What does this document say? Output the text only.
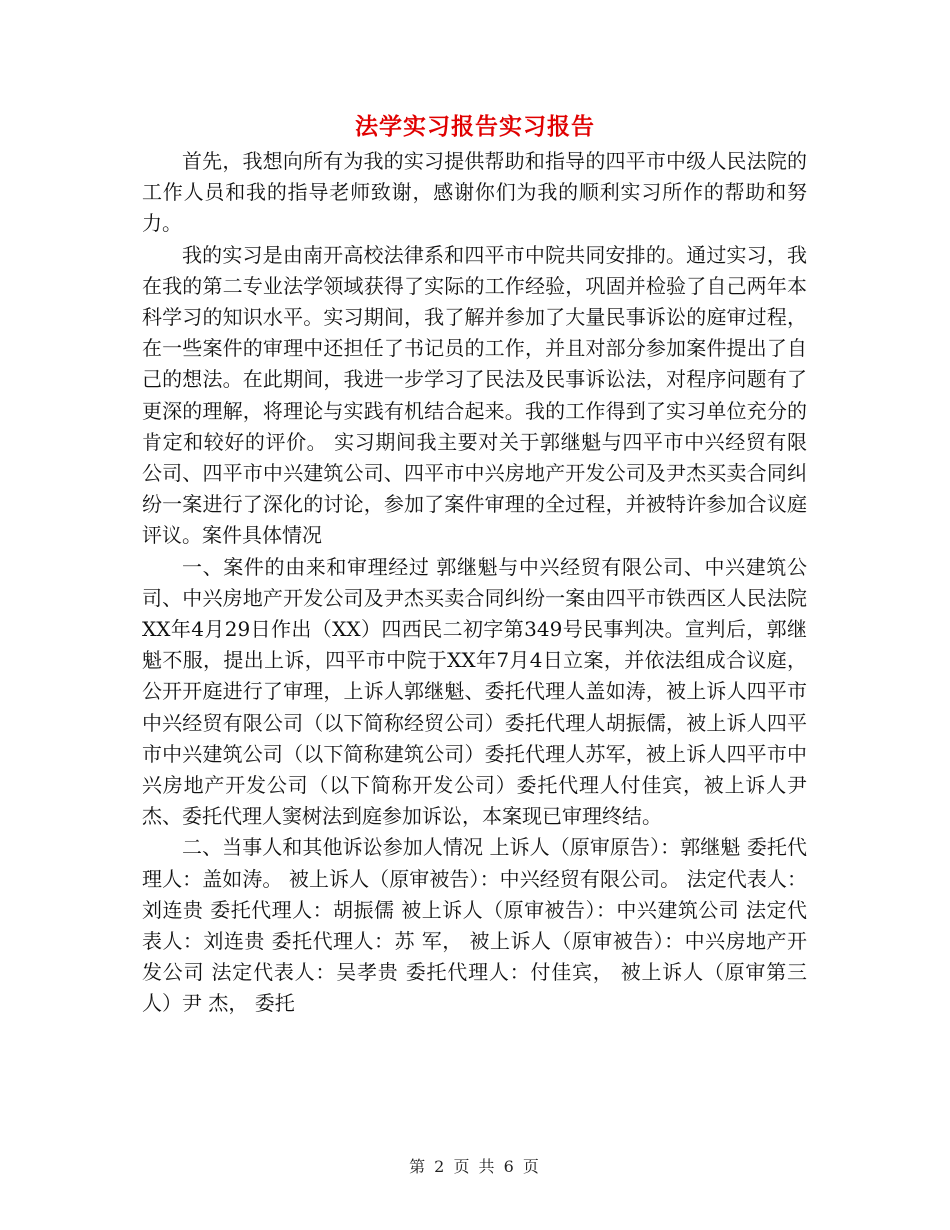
法学实习报告实习报告

首先，我想向所有为我的实习提供帮助和指导的四平市中级人民法院的工作人员和我的指导老师致谢，感谢你们为我的顺利实习所作的帮助和努力。

我的实习是由南开高校法律系和四平市中院共同安排的。通过实习，我在我的第二专业法学领域获得了实际的工作经验，巩固并检验了自己两年本科学习的知识水平。实习期间，我了解并参加了大量民事诉讼的庭审过程，在一些案件的审理中还担任了书记员的工作，并且对部分参加案件提出了自己的想法。在此期间，我进一步学习了民法及民事诉讼法，对程序问题有了更深的理解，将理论与实践有机结合起来。我的工作得到了实习单位充分的肯定和较好的评价。 实习期间我主要对关于郭继魁与四平市中兴经贸有限公司、四平市中兴建筑公司、四平市中兴房地产开发公司及尹杰买卖合同纠纷一案进行了深化的讨论，参加了案件审理的全过程，并被特许参加合议庭评议。案件具体情况

一、案件的由来和审理经过 郭继魁与中兴经贸有限公司、中兴建筑公司、中兴房地产开发公司及尹杰买卖合同纠纷一案由四平市铁西区人民法院XX年4月29日作出（XX）四西民二初字第349号民事判决。宣判后，郭继魁不服，提出上诉，四平市中院于XX年7月4日立案，并依法组成合议庭，公开开庭进行了审理，上诉人郭继魁、委托代理人盖如涛，被上诉人四平市中兴经贸有限公司（以下简称经贸公司）委托代理人胡振儒，被上诉人四平市中兴建筑公司（以下简称建筑公司）委托代理人苏军，被上诉人四平市中兴房地产开发公司（以下简称开发公司）委托代理人付佳宾，被上诉人尹杰、委托代理人窦树法到庭参加诉讼，本案现已审理终结。

二、当事人和其他诉讼参加人情况 上诉人（原审原告）：郭继魁 委托代理人：盖如涛。 被上诉人（原审被告）：中兴经贸有限公司。 法定代表人：刘连贵 委托代理人：胡振儒 被上诉人（原审被告）：中兴建筑公司 法定代表人：刘连贵 委托代理人：苏 军， 被上诉人（原审被告）：中兴房地产开发公司 法定代表人：吴孝贵 委托代理人：付佳宾， 被上诉人（原审第三人）尹 杰， 委托

第 2 页 共 6 页
